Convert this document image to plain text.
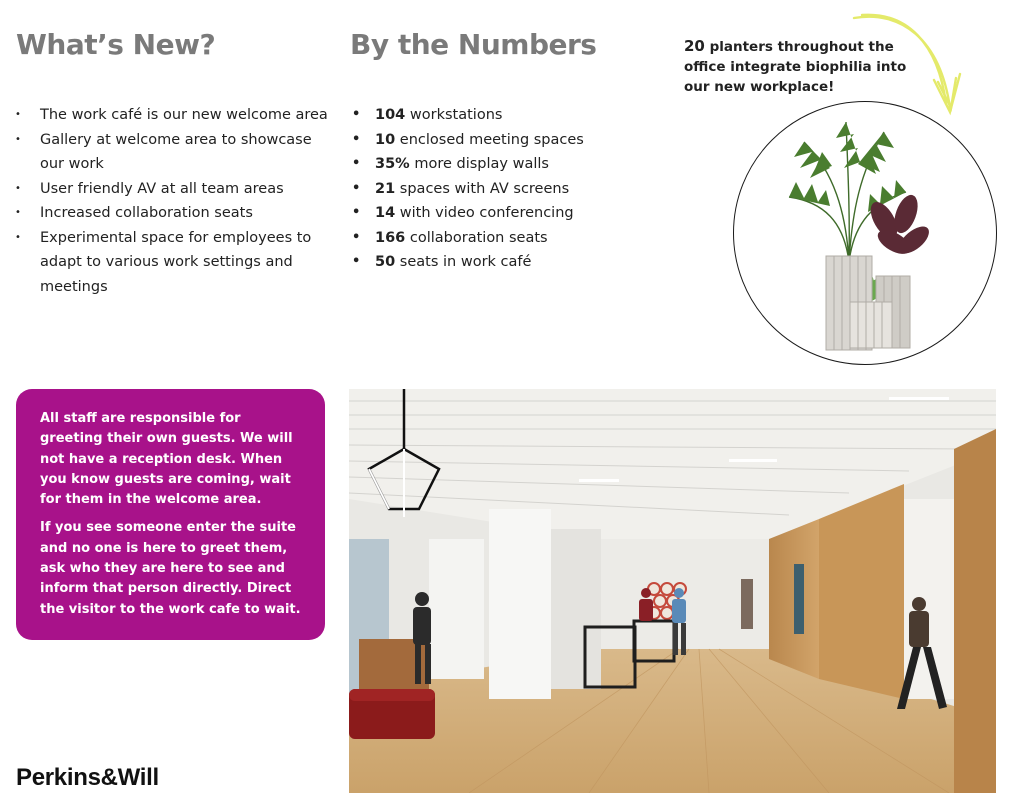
What’s New?	By the Numbers
• The work café is our new welcome area
• Gallery at welcome area to showcase our work
• User friendly AV at all team areas
• Increased collaboration seats
• Experimental space for employees to adapt to various work settings and meetings
• 104 workstations
• 10 enclosed meeting spaces
• 35% more display walls
• 21 spaces with AV screens
• 14 with video conferencing
• 166 collaboration seats
• 50 seats in work café
20 planters throughout the office integrate biophilia into our new workplace!

All staff are responsible for greeting their own guests. We will not have a reception desk. When you know guests are coming, wait for them in the welcome area.

If you see someone enter the suite and no one is here to greet them, ask who they are here to see and inform that person directly. Direct the visitor to the work cafe to wait.

Perkins&Will
